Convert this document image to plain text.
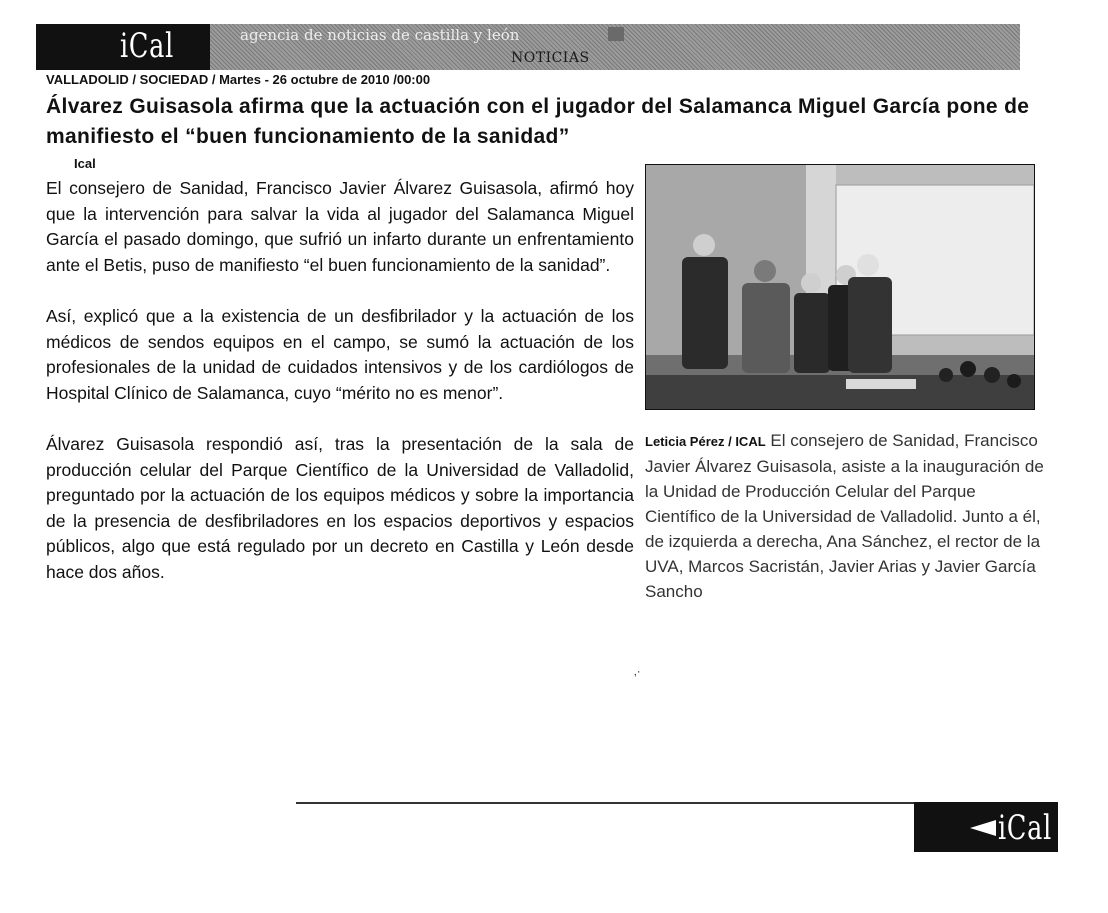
iCal	agencia de noticias de castilla y león
NOTICIAS
VALLADOLID / SOCIEDAD / Martes - 26 octubre de 2010 /00:00
Álvarez Guisasola afirma que la actuación con el jugador del Salamanca Miguel García pone de manifiesto el “buen funcionamiento de la sanidad”
Ical

El consejero de Sanidad, Francisco Javier Álvarez Guisasola, afirmó hoy que la intervención para salvar la vida al jugador del Salamanca Miguel García el pasado domingo, que sufrió un infarto durante un enfrentamiento ante el Betis, puso de manifiesto “el buen funcionamiento de la sanidad”.

Así, explicó que a la existencia de un desfibrilador y la actuación de los médicos de sendos equipos en el campo, se sumó la actuación de los profesionales de la unidad de cuidados intensivos y de los cardiólogos de Hospital Clínico de Salamanca, cuyo “mérito no es menor”.

Álvarez Guisasola respondió así, tras la presentación de la sala de producción celular del Parque Científico de la Universidad de Valladolid, preguntado por la actuación de los equipos médicos y sobre la importancia de la presencia de desfibriladores en los espacios deportivos y espacios públicos, algo que está regulado por un decreto en Castilla y León desde hace dos años.

Leticia Pérez / ICAL El consejero de Sanidad, Francisco Javier Álvarez Guisasola, asiste a la inauguración de la Unidad de Producción Celular del Parque Científico de la Universidad de Valladolid. Junto a él, de izquierda a derecha, Ana Sánchez, el rector de la UVA, Marcos Sacristán, Javier Arias y Javier García Sancho
‚·
iCal
